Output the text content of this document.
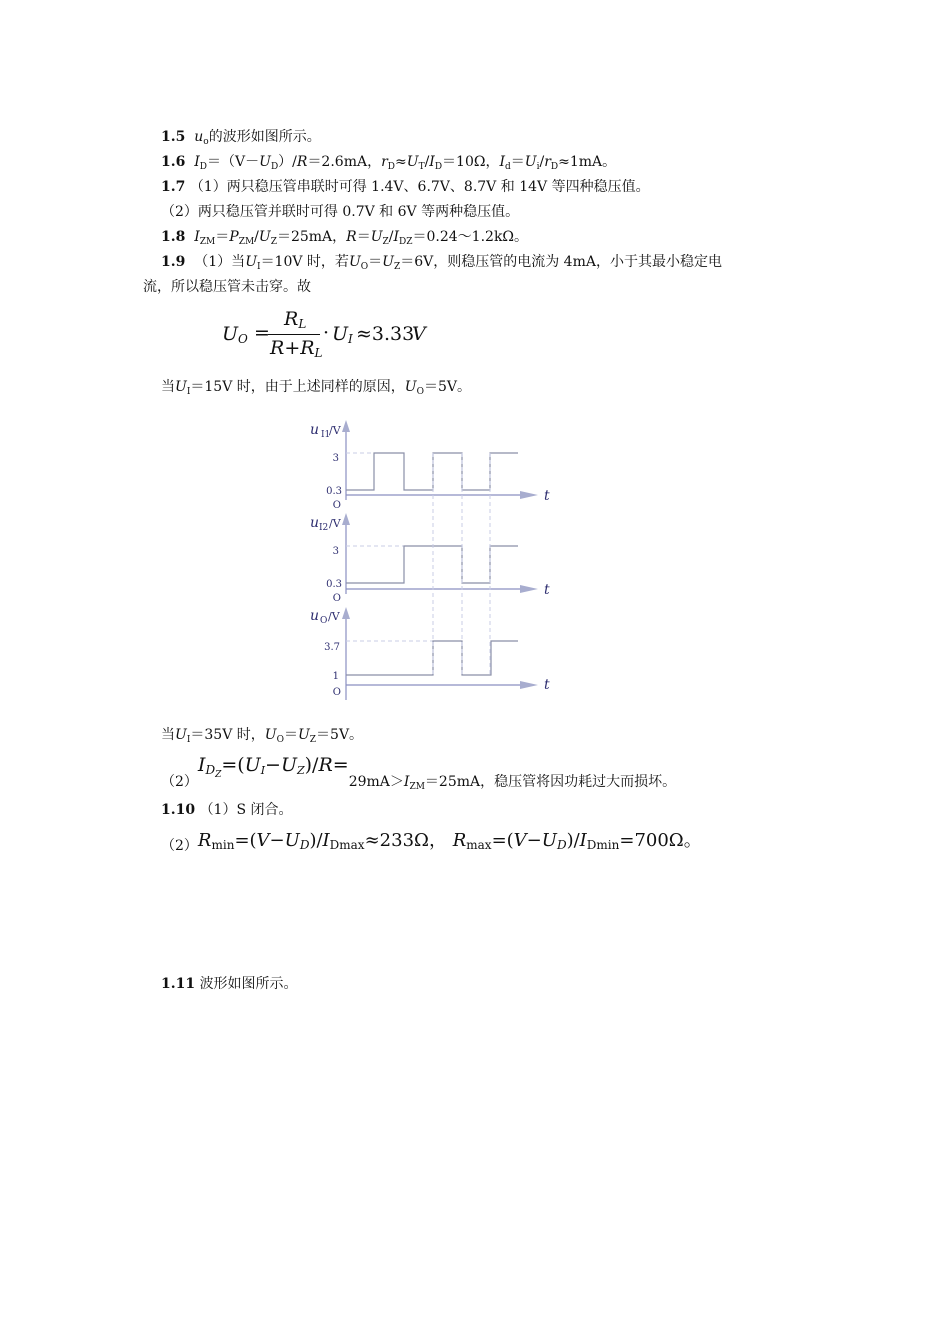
1.5 $u_o$的波形如图所示。
1.6 $I_D=(V-U_D)/R=2.6mA$，$r_D\approx U_T/I_D=10\Omega$，$I_d=U_i/r_D\approx 1mA$。
1.7 （1）两只稳压管串联时可得 1.4V、6.7V、8.7V 和 14V 等四种稳压值。
（2）两只稳压管并联时可得 0.7V 和 6V 等两种稳压值。
1.8 $I_{ZM}=P_{ZM}/U_Z=25mA$，$R=U_Z/I_{DZ}=0.24\sim 1.2k\Omega$。
1.9 （1）当$U_I=10V$ 时，若$U_O=U_Z=6V$，则稳压管的电流为 4mA，小于其最小稳定电
流，所以稳压管未击穿。故
$U_O$ =
$R_L$
$R+R_L$
· $U_I \approx 3.33$
V
当$U_I=15V$ 时，由于上述同样的原因，$U_O=5V$。
u I1
/V
3
0.3
O
t
u I2 /V
3
0.3
O
t
u O /V
3.7
1
O	t
当$U_I=35V$ 时，$U_O=U_Z=5V$。
$(2)I_{D_Z}=(U_I-U_Z)/R=29mA>I_{ZM}=25mA$，稳压管将因功耗过大而损坏。
1.10 （1）S 闭合。
$(2)R_{min}=(V-U_D)/I_{Dmax}\approx 233\Omega$， $R_{max}=(V-U_D)/I_{Dmin}=700\Omega$。
1.11 波形如图所示。
